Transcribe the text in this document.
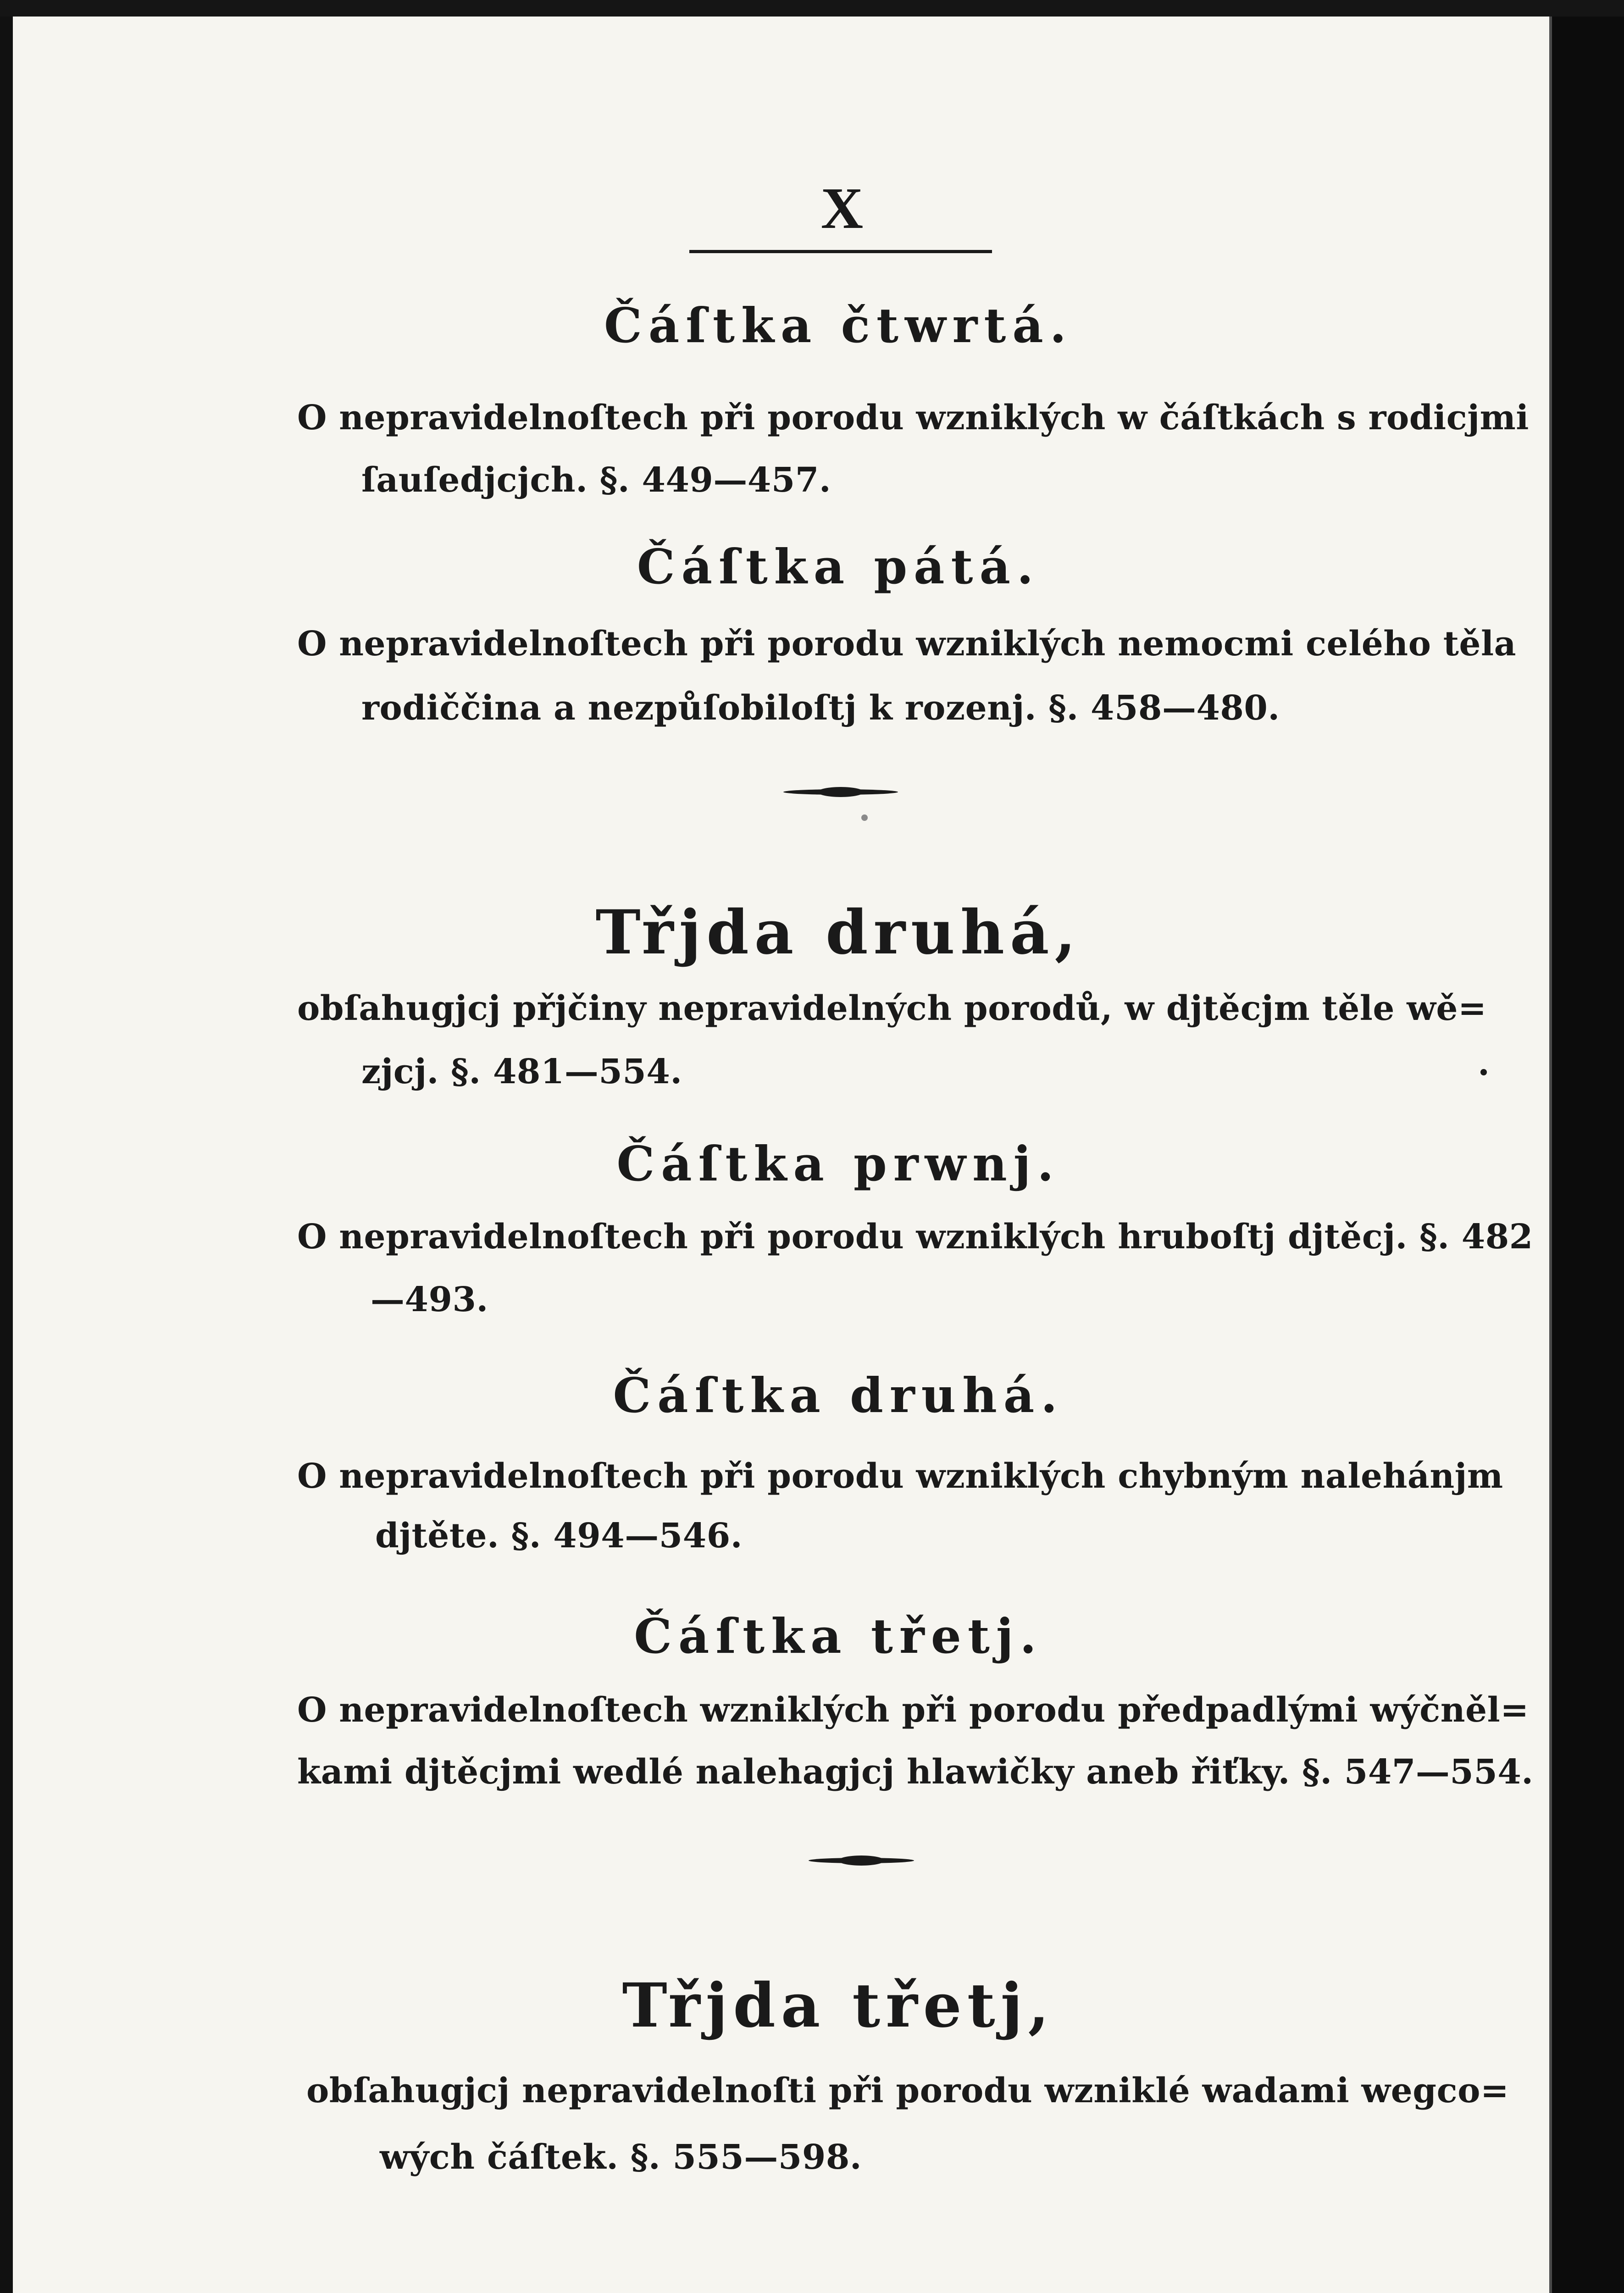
X
Čáſtka čtwrtá.
O nepravidelnoſtech při porodu wzniklých w čáſtkách s rodicjmi
ſauſedjcjch. §. 449—457.
Čáſtka pátá.
O nepravidelnoſtech při porodu wzniklých nemocmi celého těla
rodiččina a nezpůſobiloſtj k rozenj. §. 458—480.
Třjda druhá,
obſahugjcj přjčiny nepravidelných porodů, w djtěcjm těle wě=
zjcj. §. 481—554.
Čáſtka prwnj.
O nepravidelnoſtech při porodu wzniklých hruboſtj djtěcj. §. 482
—493.
Čáſtka druhá.
O nepravidelnoſtech při porodu wzniklých chybným nalehánjm
djtěte. §. 494—546.
Čáſtka třetj.
O nepravidelnoſtech wzniklých při porodu předpadlými wýčněl=
kami djtěcjmi wedlé nalehagjcj hlawičky aneb řiťky. §. 547—554.
Třjda třetj,
obſahugjcj nepravidelnoſti při porodu wzniklé wadami wegco=
wých čáſtek. §. 555—598.
